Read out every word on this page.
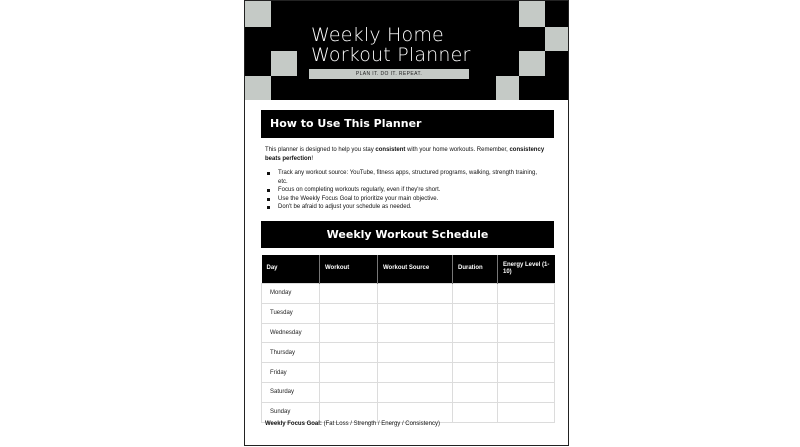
Weekly Home
Workout Planner
PLAN IT. DO IT. REPEAT.
How to Use This Planner
This planner is designed to help you stay consistent with your home workouts. Remember, consistency beats perfection!
Track any workout source: YouTube, fitness apps, structured programs, walking, strength training, etc.
Focus on completing workouts regularly, even if they're short.
Use the Weekly Focus Goal to prioritize your main objective.
Don't be afraid to adjust your schedule as needed.
Weekly Workout Schedule
Day	Workout	Workout Source	Duration	Energy Level (1-10)
Monday				
Tuesday				
Wednesday				
Thursday				
Friday				
Saturday				
Sunday				
Weekly Focus Goal: (Fat Loss / Strength / Energy / Consistency)
